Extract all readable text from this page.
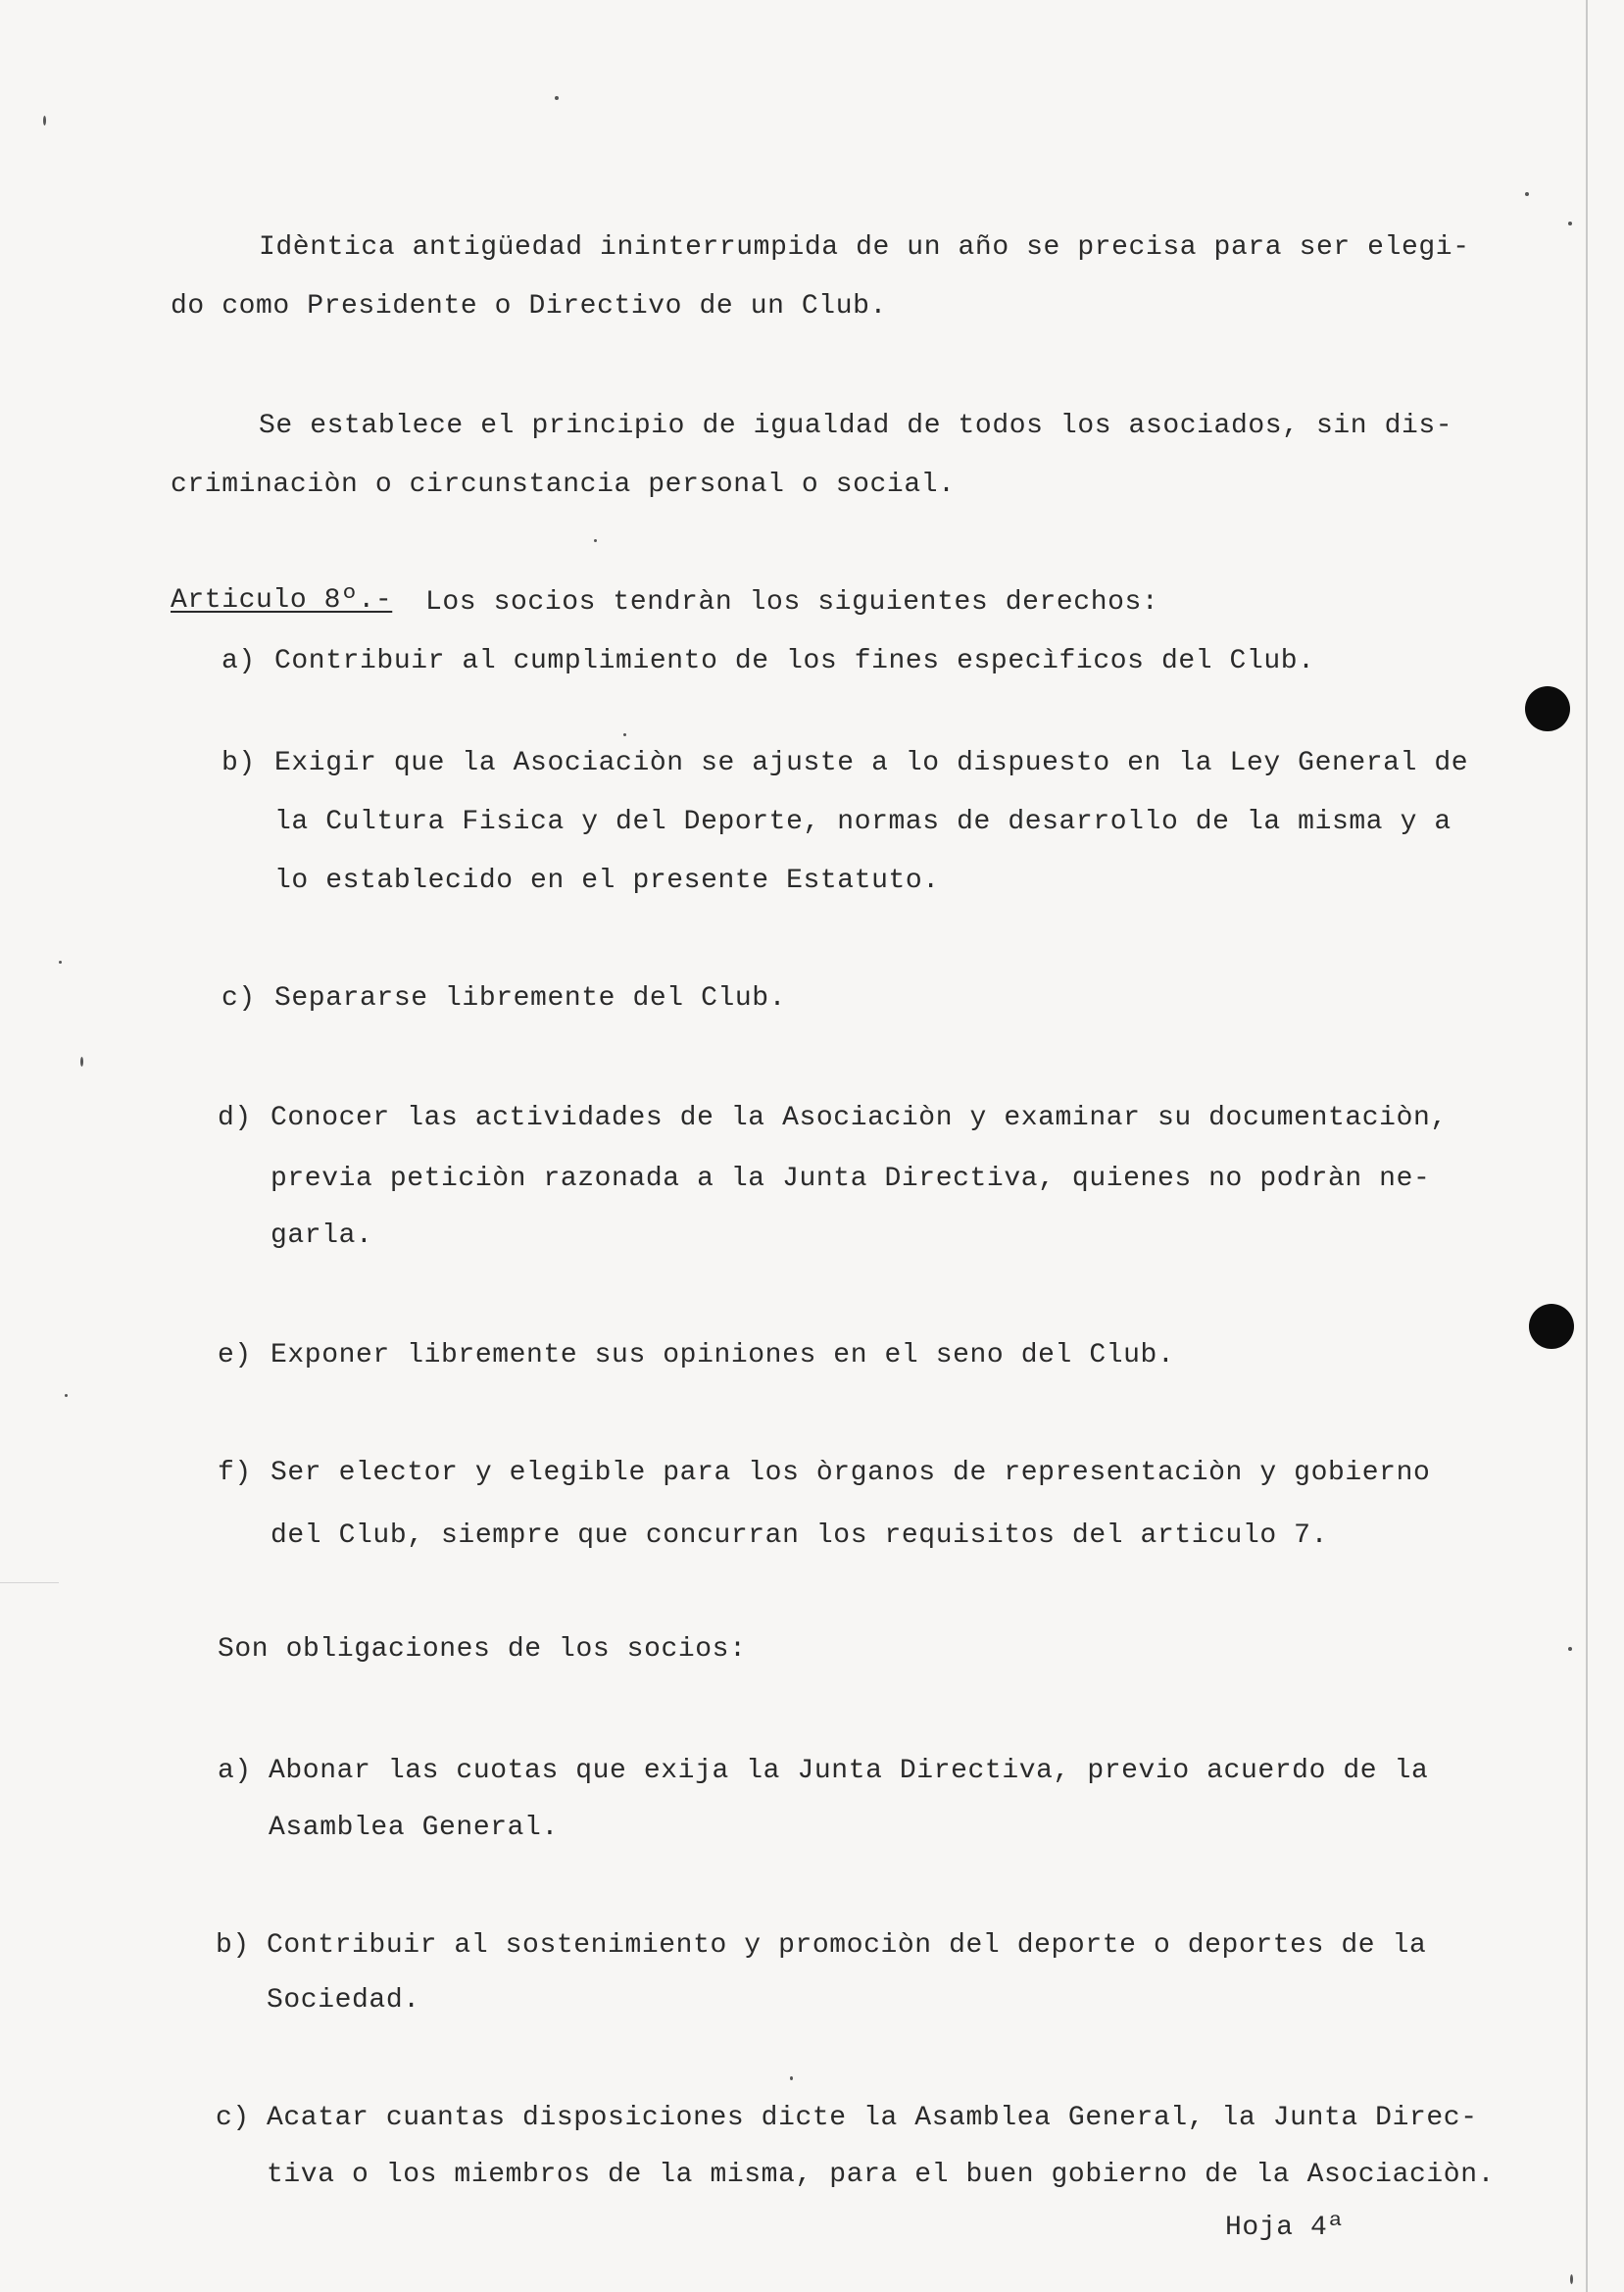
Idèntica antigüedad ininterrumpida de un año se precisa para ser elegi-
do como Presidente o Directivo de un Club.
Se establece el principio de igualdad de todos los asociados, sin dis-
criminaciòn o circunstancia personal o social.
Articulo 8º.- Los socios tendràn los siguientes derechos:
a) Contribuir al cumplimiento de los fines especìficos del Club.
b) Exigir que la Asociaciòn se ajuste a lo dispuesto en la Ley General de
la Cultura Fisica y del Deporte, normas de desarrollo de la misma y a
lo establecido en el presente Estatuto.
c) Separarse libremente del Club.
d) Conocer las actividades de la Asociaciòn y examinar su documentaciòn,
previa peticiòn razonada a la Junta Directiva, quienes no podràn ne-
garla.
e) Exponer libremente sus opiniones en el seno del Club.
f) Ser elector y elegible para los òrganos de representaciòn y gobierno
del Club, siempre que concurran los requisitos del articulo 7.
Son obligaciones de los socios:
a) Abonar las cuotas que exija la Junta Directiva, previo acuerdo de la
Asamblea General.
b) Contribuir al sostenimiento y promociòn del deporte o deportes de la
Sociedad.
c) Acatar cuantas disposiciones dicte la Asamblea General, la Junta Direc-
tiva o los miembros de la misma, para el buen gobierno de la Asociaciòn.
Hoja 4ª
